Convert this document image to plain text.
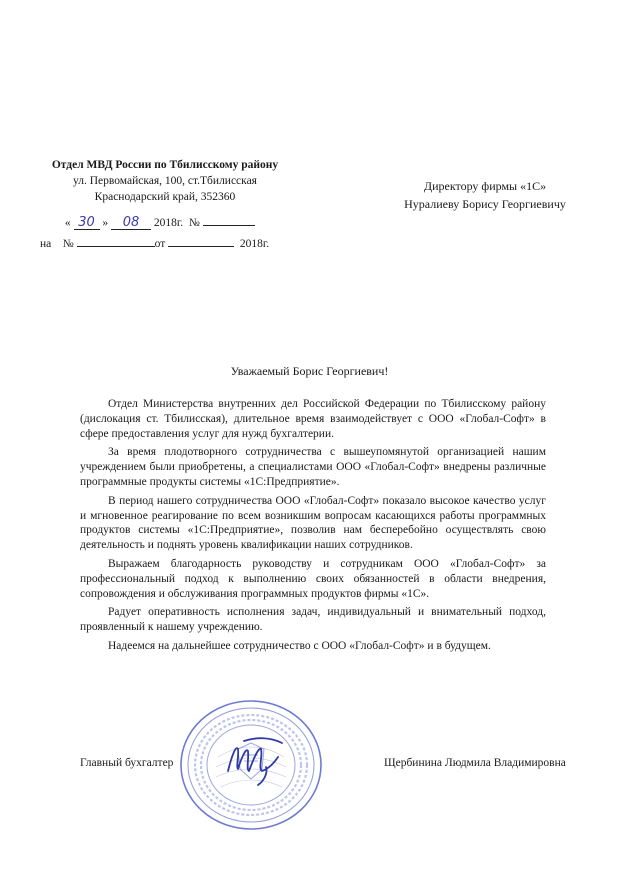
Отдел МВД России по Тбилисскому району
ул. Первомайская, 100, ст.Тбилисская
Краснодарский край, 352360
« 30 » 08 2018г. №
на №	от	2018г.
Директору фирмы «1С»
Нуралиеву Борису Георгиевичу
Уважаемый Борис Георгиевич!

Отдел Министерства внутренних дел Российской Федерации по Тбилисскому району (дислокация ст. Тбилисская), длительное время взаимодействует с ООО «Глобал-Софт» в сфере предоставления услуг для нужд бухгалтерии.

За время плодотворного сотрудничества с вышеупомянутой организацией нашим учреждением были приобретены, а специалистами ООО «Глобал-Софт» внедрены различные программные продукты системы «1С:Предприятие».

В период нашего сотрудничества ООО «Глобал-Софт» показало высокое качество услуг и мгновенное реагирование по всем возникшим вопросам касающихся работы программных продуктов системы «1С:Предприятие», позволив нам бесперебойно осуществлять свою деятельность и поднять уровень квалификации наших сотрудников.

Выражаем благодарность руководству и сотрудникам ООО «Глобал-Софт» за профессиональный подход к выполнению своих обязанностей в области внедрения, сопровождения и обслуживания программных продуктов фирмы «1С».

Радует оперативность исполнения задач, индивидуальный и внимательный подход, проявленный к нашему учреждению.

Надеемся на дальнейшее сотрудничество с ООО «Глобал-Софт» и в будущем.

Главный бухгалтер	Щербинина Людмила Владимировна
